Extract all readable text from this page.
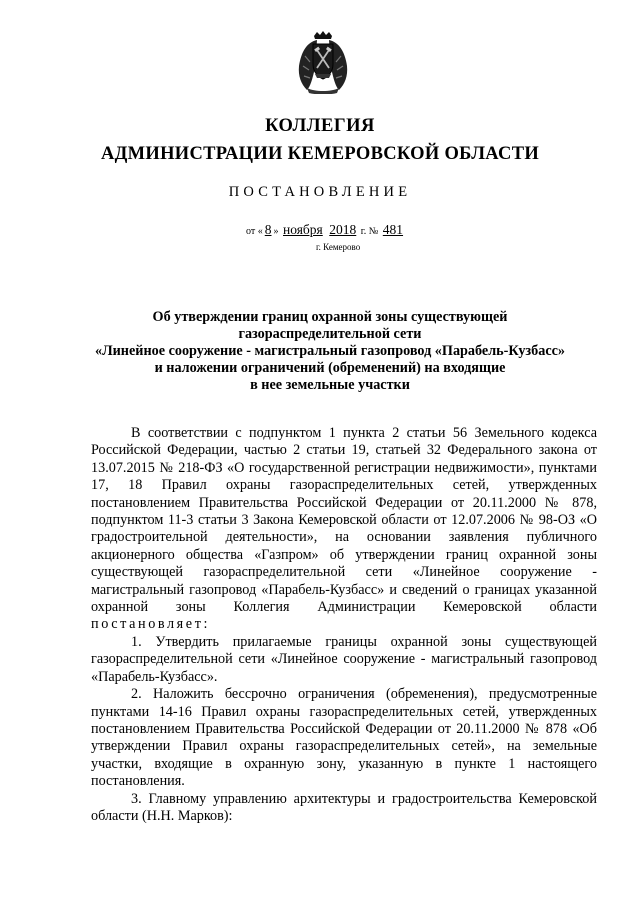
КОЛЛЕГИЯ
АДМИНИСТРАЦИИ КЕМЕРОВСКОЙ ОБЛАСТИ
ПОСТАНОВЛЕНИЕ
от « 8 » ноября 2018 г. № 481
г. Кемерово
Об утверждении границ охранной зоны существующей
газораспределительной сети
«Линейное сооружение - магистральный газопровод «Парабель-Кузбасс»
и наложении ограничений (обременений) на входящие
в нее земельные участки

В соответствии с подпунктом 1 пункта 2 статьи 56 Земельного кодекса Российской Федерации, частью 2 статьи 19, статьей 32 Федерального закона от 13.07.2015 № 218-ФЗ «О государственной регистрации недвижимости», пунктами 17, 18 Правил охраны газораспределительных сетей, утвержденных постановлением Правительства Российской Федерации от 20.11.2000 № 878, подпунктом 11-3 статьи 3 Закона Кемеровской области от 12.07.2006 № 98-ОЗ «О градостроительной деятельности», на основании заявления публичного акционерного общества «Газпром» об утверждении границ охранной зоны существующей газораспределительной сети «Линейное сооружение - магистральный газопровод «Парабель-Кузбасс» и сведений о границах указанной охранной зоны Коллегия Администрации Кемеровской области постановляет:

1. Утвердить прилагаемые границы охранной зоны существующей газораспределительной сети «Линейное сооружение - магистральный газопровод «Парабель-Кузбасс».

2. Наложить бессрочно ограничения (обременения), предусмотренные пунктами 14-16 Правил охраны газораспределительных сетей, утвержденных постановлением Правительства Российской Федерации от 20.11.2000 № 878 «Об утверждении Правил охраны газораспределительных сетей», на земельные участки, входящие в охранную зону, указанную в пункте 1 настоящего постановления.

3. Главному управлению архитектуры и градостроительства Кемеровской области (Н.Н. Марков):
